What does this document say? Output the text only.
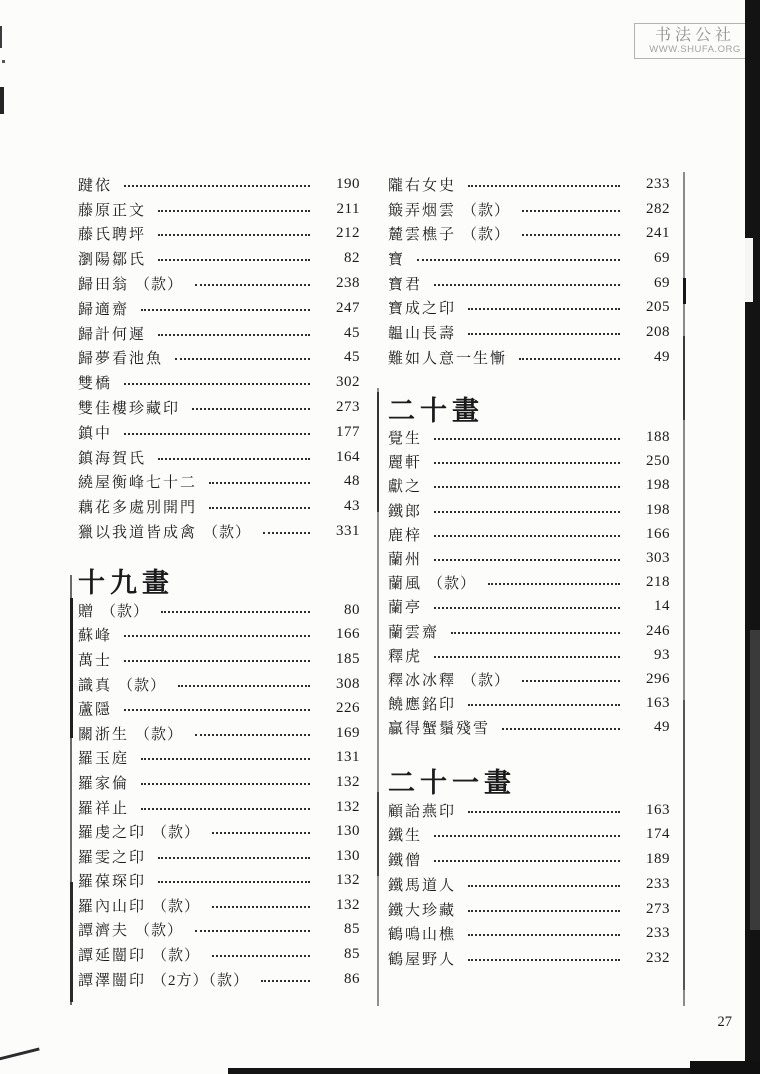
书法公社
WWW.SHUFA.ORG
踺依	190
藤原正文	211
藤氏聘坪	212
瀏陽鄒氏	82
歸田翁 （款）	238
歸適齋	247
歸計何遲	45
歸夢看池魚	45
雙橋	302
雙佳樓珍藏印	273
鎮中	177
鎮海賀氏	164
繞屋衡峰七十二	48
藕花多處別開門	43
獵以我道皆成禽 （款）	331
十九畫
贈 （款）	80
蘇峰	166
萬士	185
識真 （款）	308
蘆隱	226
關浙生 （款）	169
羅玉庭	131
羅家倫	132
羅祥止	132
羅虔之印 （款）	130
羅雯之印	130
羅葆琛印	132
羅內山印 （款）	132
譚濟夫 （款）	85
譚延闓印 （款）	85
譚澤闓印 （2方）（款）	86
隴右女史	233
簸弄烟雲 （款）	282
麓雲樵子 （款）	241
寶	69
寶君	69
寶成之印	205
韞山長壽	208
難如人意一生慚	49
二十畫
覺生	188
麗軒	250
獻之	198
鐵郎	198
鹿梓	166
蘭州	303
蘭風 （款）	218
蘭亭	14
蘭雲齋	246
釋虎	93
釋冰冰釋 （款）	296
饒應銘印	163
贏得蟹鬚殘雪	49
二十一畫
顧詒燕印	163
鐵生	174
鐵僧	189
鐵馬道人	233
鐵大珍藏	273
鶴鳴山樵	233
鶴屋野人	232
27
